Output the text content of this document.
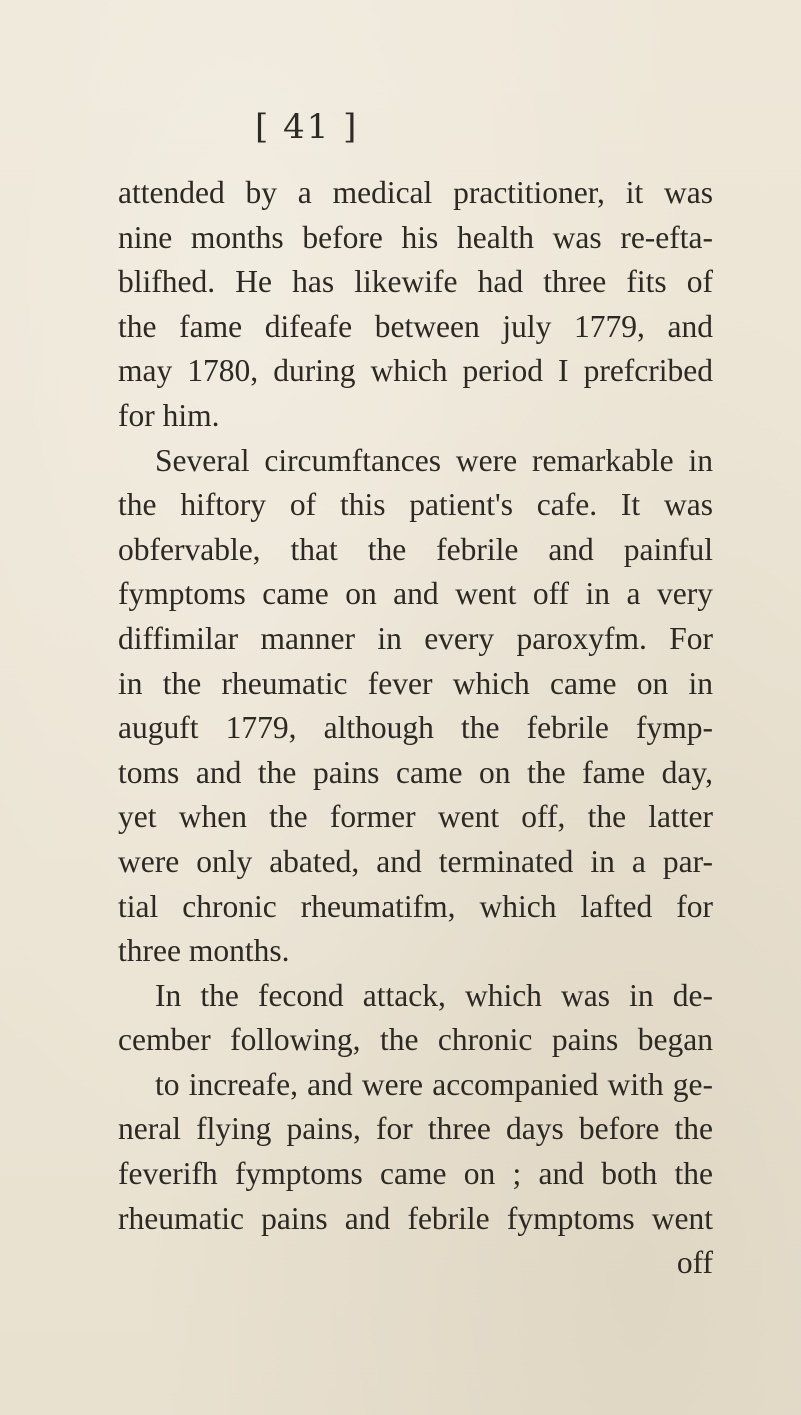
[ 41 ]
attended by a medical practitioner, it was
nine months before his health was re-efta-
blifhed. He has likewife had three fits of
the fame difeafe between july 1779, and
may 1780, during which period I prefcribed
for him.
Several circumftances were remarkable in
the hiftory of this patient's cafe. It was
obfervable, that the febrile and painful
fymptoms came on and went off in a very
diffimilar manner in every paroxyfm. For
in the rheumatic fever which came on in
auguft 1779, although the febrile fymp-
toms and the pains came on the fame day,
yet when the former went off, the latter
were only abated, and terminated in a par-
tial chronic rheumatifm, which lafted for
three months.
In the fecond attack, which was in de-
cember following, the chronic pains began
to increafe, and were accompanied with ge-
neral flying pains, for three days before the
feverifh fymptoms came on ; and both the
rheumatic pains and febrile fymptoms went
off
